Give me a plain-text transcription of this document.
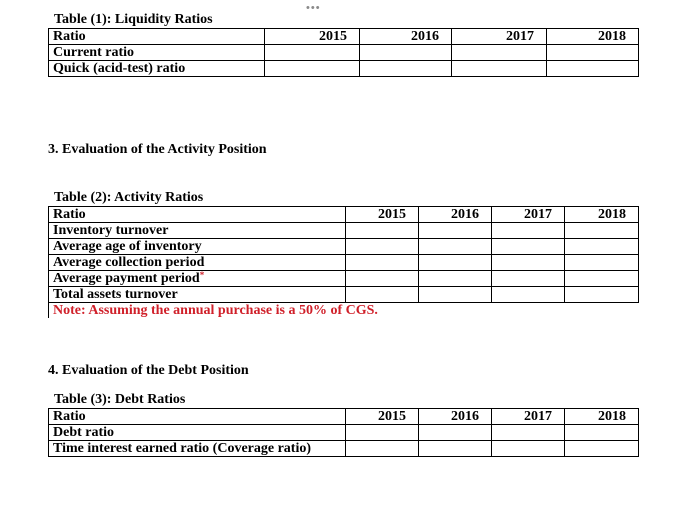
•••
Table (1): Liquidity Ratios
Ratio	2015	2016	2017	2018
Current ratio				
Quick (acid-test) ratio				
3. Evaluation of the Activity Position
Table (2): Activity Ratios
Ratio	2015	2016	2017	2018
Inventory turnover				
Average age of inventory				
Average collection period				
Average payment period*				
Total assets turnover				
Note: Assuming the annual purchase is a 50% of CGS.				
4. Evaluation of the Debt Position
Table (3): Debt Ratios
Ratio	2015	2016	2017	2018
Debt ratio				
Time interest earned ratio (Coverage ratio)				
